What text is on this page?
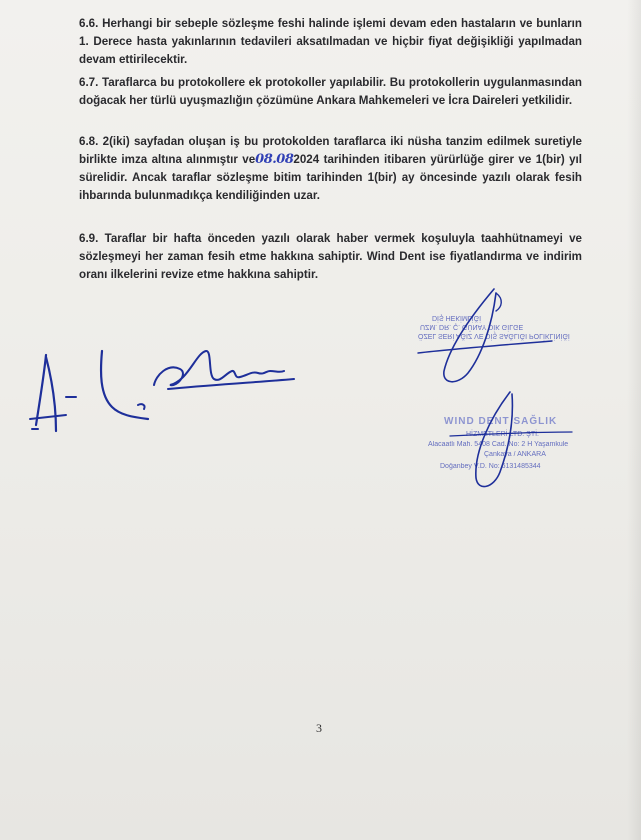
6.6. Herhangi bir sebeple sözleşme feshi halinde işlemi devam eden hastaların ve bunların 1. Derece hasta yakınlarının tedavileri aksatılmadan ve hiçbir fiyat değişikliği yapılmadan devam ettirilecektir.

6.7. Taraflarca bu protokollere ek protokoller yapılabilir. Bu protokollerin uygulanmasından doğacak her türlü uyuşmazlığın çözümüne Ankara Mahkemeleri ve İcra Daireleri yetkilidir.

6.8. 2(iki) sayfadan oluşan iş bu protokolden taraflarca iki nüsha tanzim edilmek suretiyle birlikte imza altına alınmıştır ve08.082024 tarihinden itibaren yürürlüğe girer ve 1(bir) yıl sürelidir. Ancak taraflar sözleşme bitim tarihinden 1(bir) ay öncesinde yazılı olarak fesih ihbarında bulunmadıkça kendiliğinden uzar.

6.9. Taraflar bir hafta önceden yazılı olarak haber vermek koşuluyla taahhütnameyi ve sözleşmeyi her zaman fesih etme hakkına sahiptir. Wind Dent ise fiyatlandırma ve indirim oranı ilkelerini revize etme hakkına sahiptir.

DİŞ HEKİMLİĞİ
UZM. DR. Ç. GÜNAY DİK GİLGE
ÖZEL SERİ AĞIZ VE DİŞ SAĞLIĞI POLİKLİNİĞİ
WIND DENT SAĞLIK
HİZMETLERİ LTD. ŞTİ.
Alacaatlı Mah. 5408 Cad. No: 2 H Yaşamkule
Çankaya / ANKARA
Doğanbey V.D. No: 6131485344
3
